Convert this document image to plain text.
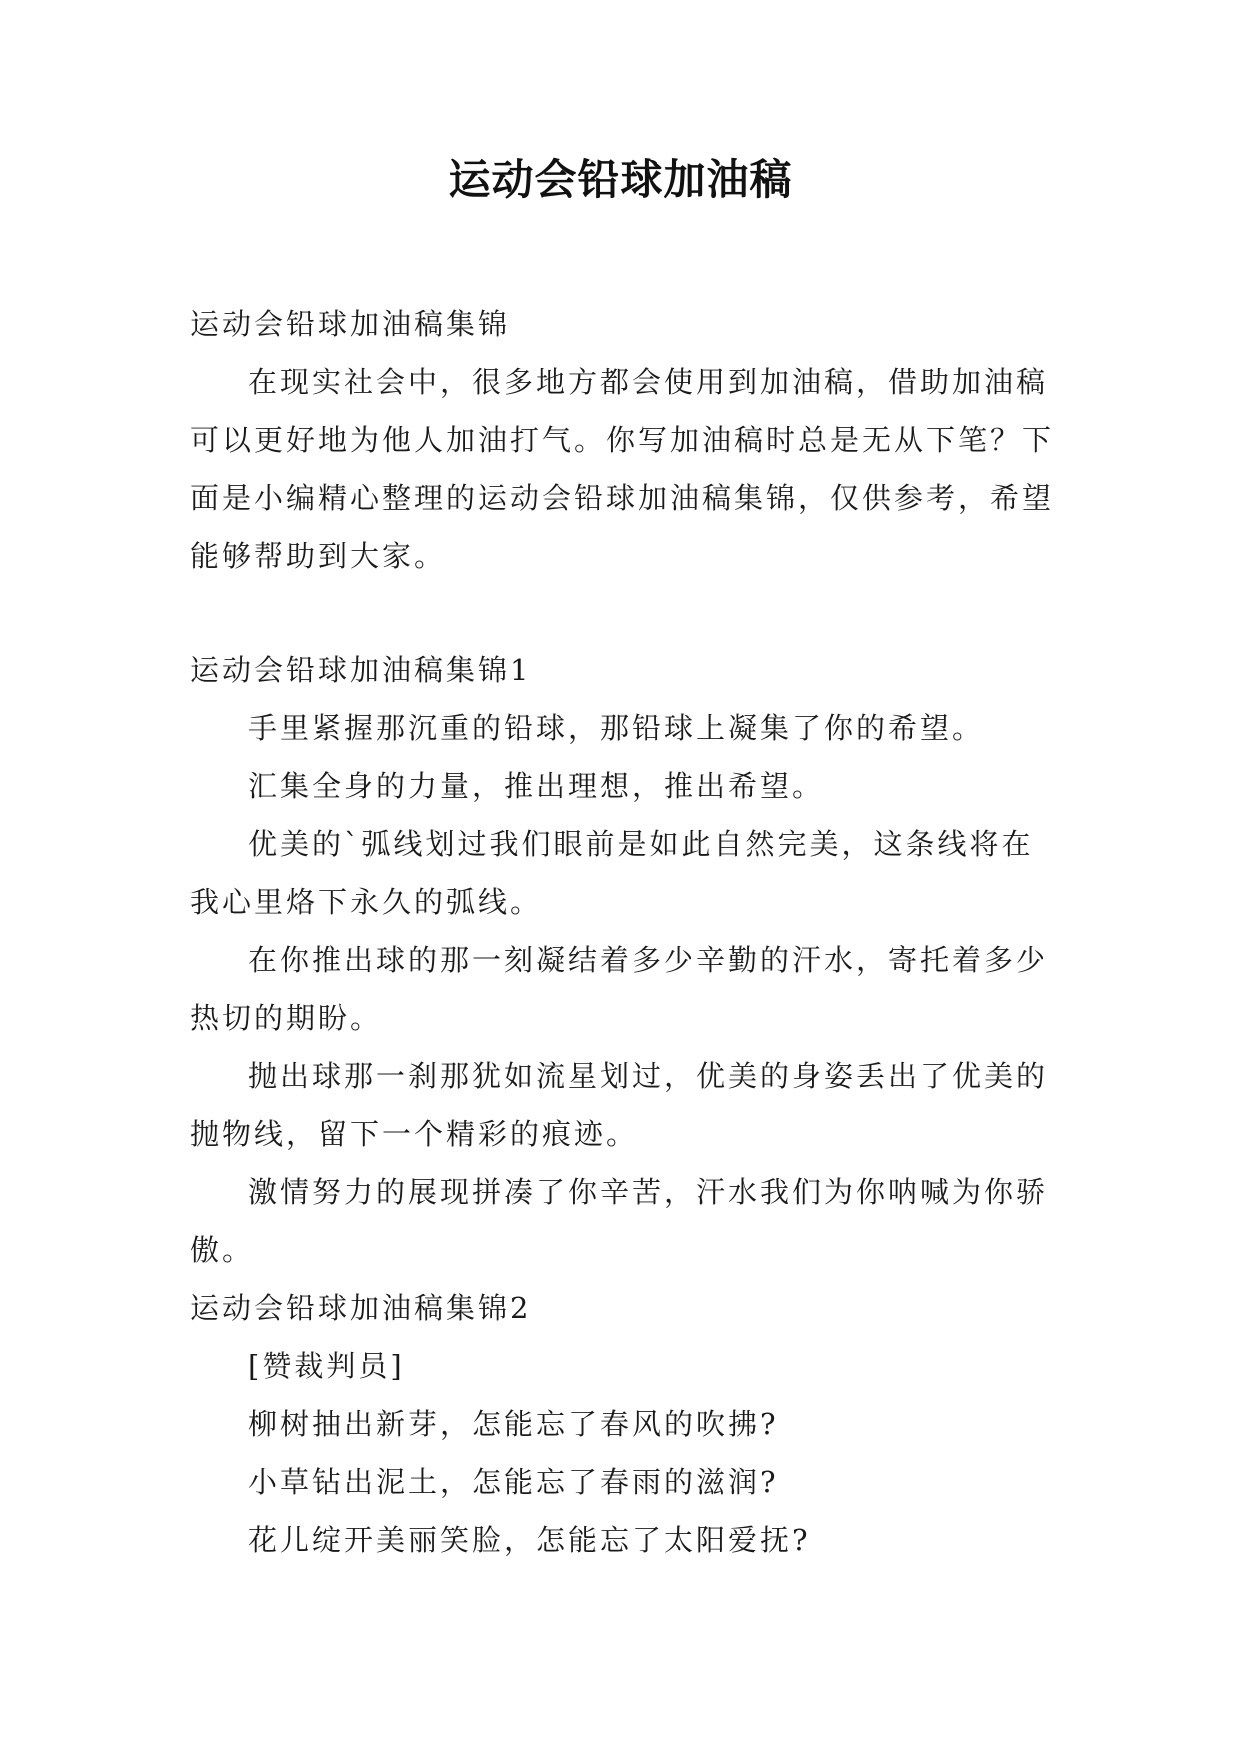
运动会铅球加油稿

运动会铅球加油稿集锦

在现实社会中，很多地方都会使用到加油稿，借助加油稿可以更好地为他人加油打气。你写加油稿时总是无从下笔？下面是小编精心整理的运动会铅球加油稿集锦，仅供参考，希望能够帮助到大家。

运动会铅球加油稿集锦1

手里紧握那沉重的铅球，那铅球上凝集了你的希望。

汇集全身的力量，推出理想，推出希望。

优美的`弧线划过我们眼前是如此自然完美，这条线将在我心里烙下永久的弧线。

在你推出球的那一刻凝结着多少辛勤的汗水，寄托着多少热切的期盼。

抛出球那一刹那犹如流星划过，优美的身姿丢出了优美的抛物线，留下一个精彩的痕迹。

激情努力的展现拼凑了你辛苦，汗水我们为你呐喊为你骄傲。

运动会铅球加油稿集锦2

[赞裁判员]

柳树抽出新芽，怎能忘了春风的吹拂?

小草钻出泥土，怎能忘了春雨的滋润?

花儿绽开美丽笑脸，怎能忘了太阳爱抚?
